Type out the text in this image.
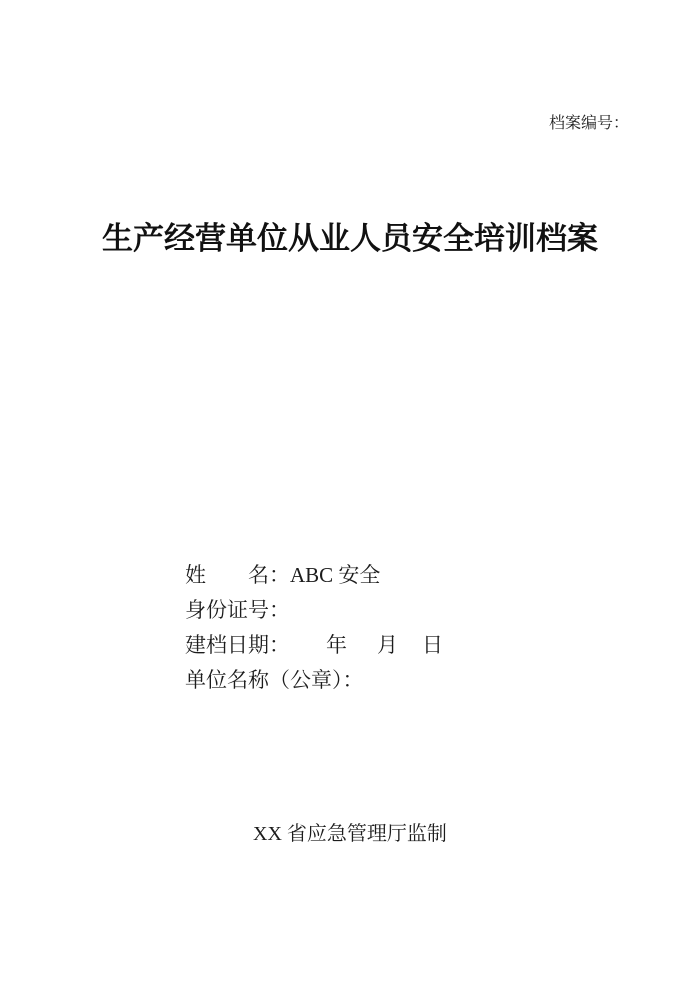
档案编号：
生产经营单位从业人员安全培训档案
姓　　名：ABC 安全
身份证号：
建档日期： 年 月 日
单位名称（公章）：
XX 省应急管理厅监制
